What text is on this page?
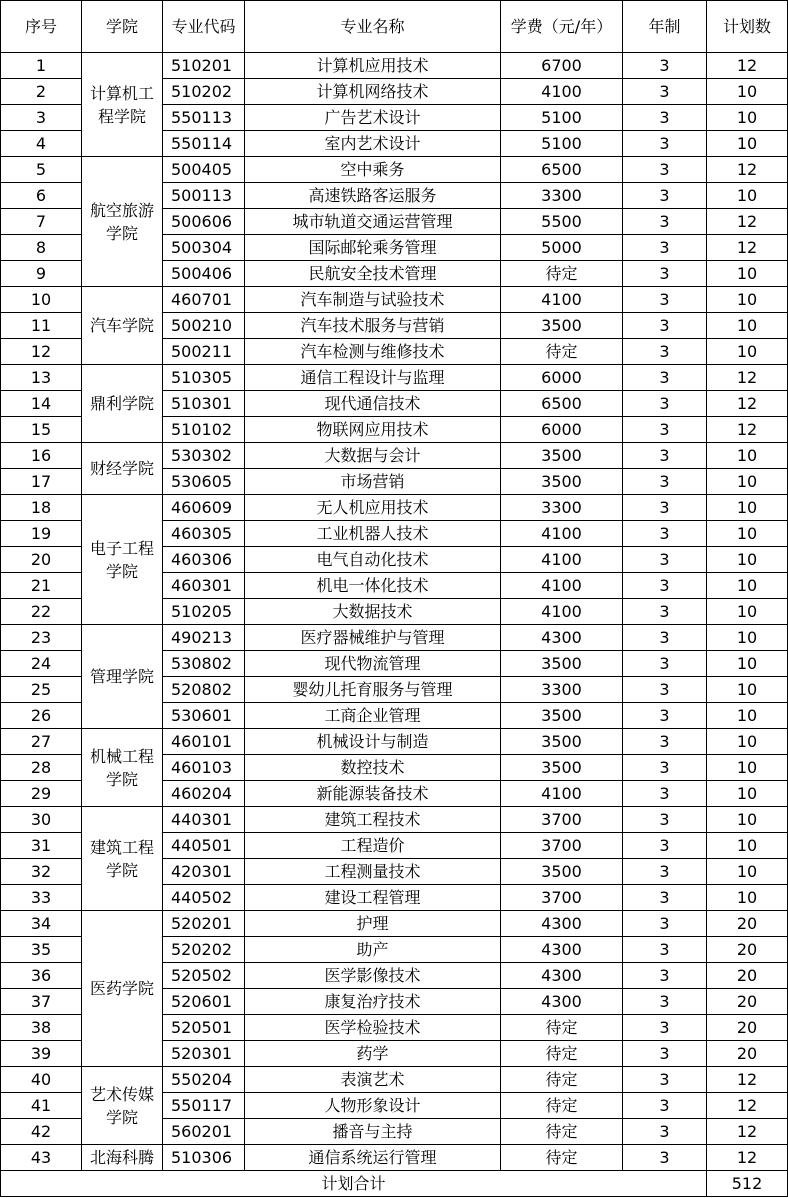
序号	学院	专业代码	专业名称	学费（元/年）	年制	计划数
1	计算机工程学院	510201	计算机应用技术	6700	3	12
2		510202	计算机网络技术	4100	3	10
3		550113	广告艺术设计	5100	3	10
4		550114	室内艺术设计	5100	3	10
5	航空旅游学院	500405	空中乘务	6500	3	12
6		500113	高速铁路客运服务	3300	3	10
7		500606	城市轨道交通运营管理	5500	3	12
8		500304	国际邮轮乘务管理	5000	3	12
9		500406	民航安全技术管理	待定	3	10
10	汽车学院	460701	汽车制造与试验技术	4100	3	10
11		500210	汽车技术服务与营销	3500	3	10
12		500211	汽车检测与维修技术	待定	3	10
13	鼎利学院	510305	通信工程设计与监理	6000	3	12
14		510301	现代通信技术	6500	3	12
15		510102	物联网应用技术	6000	3	12
16	财经学院	530302	大数据与会计	3500	3	10
17		530605	市场营销	3500	3	10
18	电子工程学院	460609	无人机应用技术	3300	3	10
19		460305	工业机器人技术	4100	3	10
20		460306	电气自动化技术	4100	3	10
21		460301	机电一体化技术	4100	3	10
22		510205	大数据技术	4100	3	10
23	管理学院	490213	医疗器械维护与管理	4300	3	10
24		530802	现代物流管理	3500	3	10
25		520802	婴幼儿托育服务与管理	3300	3	10
26		530601	工商企业管理	3500	3	10
27	机械工程学院	460101	机械设计与制造	3500	3	10
28		460103	数控技术	3500	3	10
29		460204	新能源装备技术	4100	3	10
30	建筑工程学院	440301	建筑工程技术	3700	3	10
31		440501	工程造价	3700	3	10
32		420301	工程测量技术	3500	3	10
33		440502	建设工程管理	3700	3	10
34	医药学院	520201	护理	4300	3	20
35		520202	助产	4300	3	20
36		520502	医学影像技术	4300	3	20
37		520601	康复治疗技术	4300	3	20
38		520501	医学检验技术	待定	3	20
39		520301	药学	待定	3	20
40	艺术传媒学院	550204	表演艺术	待定	3	12
41		550117	人物形象设计	待定	3	12
42		560201	播音与主持	待定	3	12
43	北海科腾	510306	通信系统运行管理	待定	3	12
计划合计						512
